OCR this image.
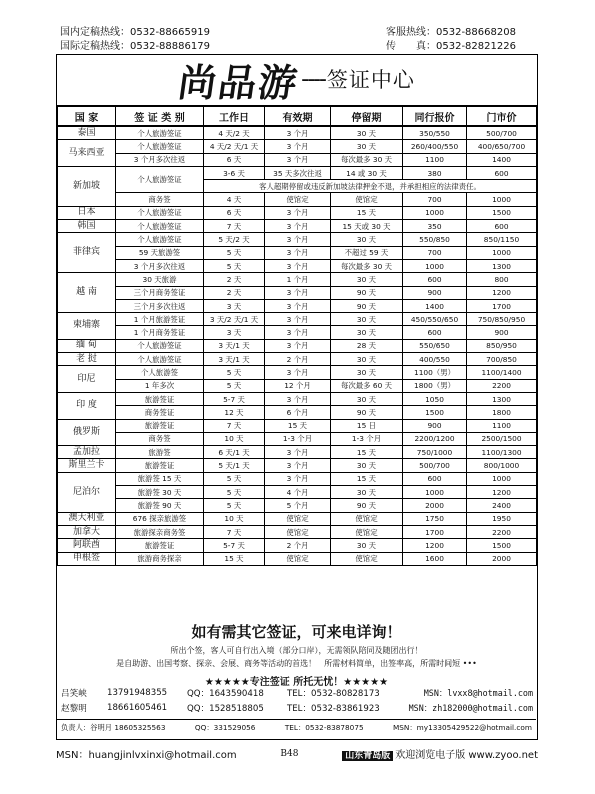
国内定稿热线：0532-88665919	客服热线：0532-88668208
国际定稿热线：0532-88886179	传　　真：0532-82821226
尚品游 ---- 签证中心
国 家	签 证 类 别	工作日	有效期	停留期	同行报价	门市价
泰国	个人旅游签证	4 天/2 天	3 个月	30 天	350/550	500/700
马来西亚	个人旅游签证	4 天/2 天/1 天	3 个月	30 天	260/400/550	400/650/700
	3 个月多次往返	6 天	3 个月	每次最多 30 天	1100	1400
新加坡	个人旅游签证	3-6 天	35 天多次往返	14 或 30 天	380	600
		客人超期停留或违反新加坡法律押金不退，并承担相应的法律责任。				
	商务签	4 天	使馆定	使馆定	700	1000
日本	个人旅游签证	6 天	3 个月	15 天	1000	1500
韩国	个人旅游签证	7 天	3 个月	15 天或 30 天	350	600
菲律宾	个人旅游签证	5 天/2 天	3 个月	30 天	550/850	850/1150
	59 天旅游签	5 天	3 个月	不超过 59 天	700	1000
	3 个月多次往返	5 天	3 个月	每次最多 30 天	1000	1300
越 南	30 天旅游	2 天	1 个月	30 天	600	800
	三个月商务签证	2 天	3 个月	90 天	900	1200
	三个月多次往返	3 天	3 个月	90 天	1400	1700
柬埔寨	1 个月旅游签证	3 天/2 天/1 天	3 个月	30 天	450/550/650	750/850/950
	1 个月商务签证	3 天	3 个月	30 天	600	900
缅 甸	个人旅游签证	3 天/1 天	3 个月	28 天	550/650	850/950
老 挝	个人旅游签证	3 天/1 天	2 个月	30 天	400/550	700/850
印尼	个人旅游签	5 天	3 个月	30 天	1100（男）	1100/1400
	1 年多次	5 天	12 个月	每次最多 60 天	1800（男）	2200
印 度	旅游签证	5-7 天	3 个月	30 天	1050	1300
	商务签证	12 天	6 个月	90 天	1500	1800
俄罗斯	旅游签证	7 天	15 天	15 日	900	1100
	商务签	10 天	1-3 个月	1-3 个月	2200/1200	2500/1500
孟加拉	旅游签	6 天/1 天	3 个月	15 天	750/1000	1100/1300
斯里兰卡	旅游签证	5 天/1 天	3 个月	30 天	500/700	800/1000
尼泊尔	旅游签 15 天	5 天	3 个月	15 天	600	1000
	旅游签 30 天	5 天	4 个月	30 天	1000	1200
	旅游签 90 天	5 天	5 个月	90 天	2000	2400
澳大利亚	676 探亲旅游签	10 天	使馆定	使馆定	1750	1950
加拿大	旅游探亲商务签	7 天	使馆定	使馆定	1700	2200
阿联酋	旅游签证	5-7 天	2 个月	30 天	1200	1500
申根签	旅游商务探亲	15 天	使馆定	使馆定	1600	2000
如有需其它签证，可来电详询！
所出个签，客人可自行出入境（部分口岸），无需领队陪同及随团出行！
是自助游、出国考察、探亲、会展、商务等活动的首选！　所需材料简单，出签率高，所需时间短 •••
★★★★★专注签证 所托无忧！★★★★★
吕笑峡	13791948355	QQ：1643590418	TEL：0532-80828173	MSN：lvxx8@hotmail.com
赵黎明	18661605461	QQ：1528518805	TEL：0532-83861923	MSN：zh182000@hotmail.com
负责人：谷明月 18605325563	QQ：331529056	TEL：0532-83878075	MSN：my13305429522@hotmail.com
MSN：huangjinlvxinxi@hotmail.com	B48	山东青岛版 欢迎浏览电子版 www.zyoo.net
